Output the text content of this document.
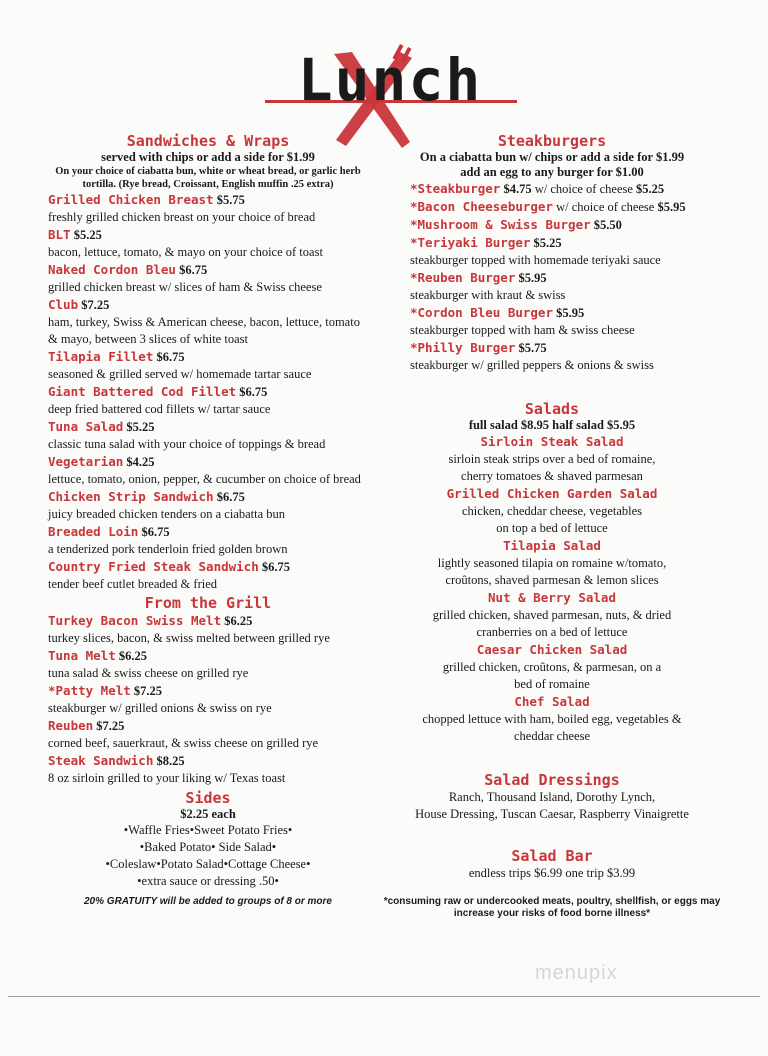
Lunch
Sandwiches & Wraps
served with chips or add a side for $1.99
On your choice of ciabatta bun, white or wheat bread, or garlic herb tortilla. (Rye bread, Croissant, English muffin .25 extra)
Grilled Chicken Breast $5.75
freshly grilled chicken breast on your choice of bread
BLT $5.25
bacon, lettuce, tomato, & mayo on your choice of toast
Naked Cordon Bleu $6.75
grilled chicken breast w/ slices of ham & Swiss cheese
Club $7.25
ham, turkey, Swiss & American cheese, bacon, lettuce, tomato & mayo, between 3 slices of white toast
Tilapia Fillet $6.75
seasoned & grilled served w/ homemade tartar sauce
Giant Battered Cod Fillet $6.75
deep fried battered cod fillets w/ tartar sauce
Tuna Salad $5.25
classic tuna salad with your choice of toppings & bread
Vegetarian $4.25
lettuce, tomato, onion, pepper, & cucumber on choice of bread
Chicken Strip Sandwich $6.75
juicy breaded chicken tenders on a ciabatta bun
Breaded Loin $6.75
a tenderized pork tenderloin fried golden brown
Country Fried Steak Sandwich $6.75
tender beef cutlet breaded & fried
From the Grill
Turkey Bacon Swiss Melt $6.25
turkey slices, bacon, & swiss melted between grilled rye
Tuna Melt $6.25
tuna salad & swiss cheese on grilled rye
*Patty Melt $7.25
steakburger w/ grilled onions & swiss on rye
Reuben $7.25
corned beef, sauerkraut, & swiss cheese on grilled rye
Steak Sandwich $8.25
8 oz sirloin grilled to your liking w/ Texas toast
Sides
$2.25 each
•Waffle Fries•Sweet Potato Fries•
•Baked Potato• Side Salad•
•Coleslaw•Potato Salad•Cottage Cheese•
•extra sauce or dressing .50•
20% GRATUITY will be added to groups of 8 or more
Steakburgers
On a ciabatta bun w/ chips or add a side for $1.99
add an egg to any burger for $1.00
*Steakburger $4.75 w/ choice of cheese $5.25
*Bacon Cheeseburger w/ choice of cheese $5.95
*Mushroom & Swiss Burger $5.50
*Teriyaki Burger $5.25
steakburger topped with homemade teriyaki sauce
*Reuben Burger $5.95
steakburger with kraut & swiss
*Cordon Bleu Burger $5.95
steakburger topped with ham & swiss cheese
*Philly Burger $5.75
steakburger w/ grilled peppers & onions & swiss
Salads
full salad $8.95 half salad $5.95
Sirloin Steak Salad
sirloin steak strips over a bed of romaine,
cherry tomatoes & shaved parmesan
Grilled Chicken Garden Salad
chicken, cheddar cheese, vegetables
on top a bed of lettuce
Tilapia Salad
lightly seasoned tilapia on romaine w/tomato,
croûtons, shaved parmesan & lemon slices
Nut & Berry Salad
grilled chicken, shaved parmesan, nuts, & dried
cranberries on a bed of lettuce
Caesar Chicken Salad
grilled chicken, croûtons, & parmesan, on a
bed of romaine
Chef Salad
chopped lettuce with ham, boiled egg, vegetables &
cheddar cheese
Salad Dressings
Ranch, Thousand Island, Dorothy Lynch,
House Dressing, Tuscan Caesar, Raspberry Vinaigrette
Salad Bar
endless trips $6.99 one trip $3.99
*consuming raw or undercooked meats, poultry, shellfish, or eggs may increase your risks of food borne illness*
menupix
